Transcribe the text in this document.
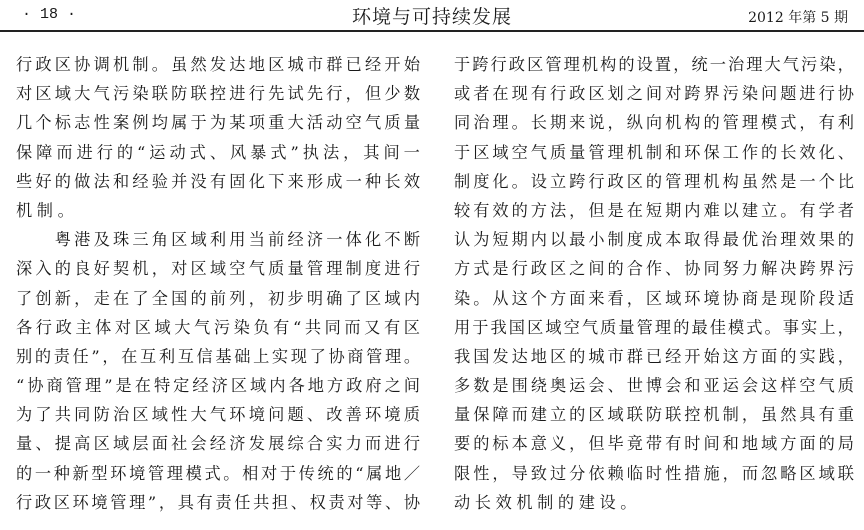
· 18 ·	环境与可持续发展	2012 年第 5 期
行 政 区 协 调 机 制 。 虽 然 发 达 地 区 城 市 群 已 经 开 始
对 区 域 大 气 污 染 联 防 联 控 进 行 先 试 先 行 ， 但 少 数
几 个 标 志 性 案 例 均 属 于 为 某 项 重 大 活 动 空 气 质 量
保 障 而 进 行 的 “ 运 动 式 、 风 暴 式 ” 执 法 ， 其 间 一
些 好 的 做 法 和 经 验 并 没 有 固 化 下 来 形 成 一 种 长 效
机制。

粤 港 及 珠 三 角 区 域 利 用 当 前 经 济 一 体 化 不 断
深 入 的 良 好 契 机 ， 对 区 域 空 气 质 量 管 理 制 度 进 行
了 创 新 ， 走 在 了 全 国 的 前 列 ， 初 步 明 确 了 区 域 内
各 行 政 主 体 对 区 域 大 气 污 染 负 有 “ 共 同 而 又 有 区
别 的 责 任 ” ， 在 互 利 互 信 基 础 上 实 现 了 协 商 管 理 。
“ 协 商 管 理 ” 是 在 特 定 经 济 区 域 内 各 地 方 政 府 之 间
为 了 共 同 防 治 区 域 性 大 气 环 境 问 题 、 改 善 环 境 质
量 、 提 高 区 域 层 面 社 会 经 济 发 展 综 合 实 力 而 进 行
的 一 种 新 型 环 境 管 理 模 式 。 相 对 于 传 统 的 “ 属 地 ／
行 政 区 环 境 管 理 ” ， 具 有 责 任 共 担 、 权 责 对 等 、 协
于 跨 行 政 区 管 理 机 构 的 设 置 ， 统 一 治 理 大 气 污 染 ，
或 者 在 现 有 行 政 区 划 之 间 对 跨 界 污 染 问 题 进 行 协
同 治 理 。 长 期 来 说 ， 纵 向 机 构 的 管 理 模 式 ， 有 利
于 区 域 空 气 质 量 管 理 机 制 和 环 保 工 作 的 长 效 化 、
制 度 化 。 设 立 跨 行 政 区 的 管 理 机 构 虽 然 是 一 个 比
较 有 效 的 方 法 ， 但 是 在 短 期 内 难 以 建 立 。 有 学 者
认 为 短 期 内 以 最 小 制 度 成 本 取 得 最 优 治 理 效 果 的
方 式 是 行 政 区 之 间 的 合 作 、 协 同 努 力 解 决 跨 界 污
染 。 从 这 个 方 面 来 看 ， 区 域 环 境 协 商 是 现 阶 段 适
用 于 我 国 区 域 空 气 质 量 管 理 的 最 佳 模 式 。 事 实 上 ，
我 国 发 达 地 区 的 城 市 群 已 经 开 始 这 方 面 的 实 践 ，
多 数 是 围 绕 奥 运 会 、 世 博 会 和 亚 运 会 这 样 空 气 质
量 保 障 而 建 立 的 区 域 联 防 联 控 机 制 ， 虽 然 具 有 重
要 的 标 本 意 义 ， 但 毕 竟 带 有 时 间 和 地 域 方 面 的 局
限 性 ， 导 致 过 分 依 赖 临 时 性 措 施 ， 而 忽 略 区 域 联
动长效机制的建设。
